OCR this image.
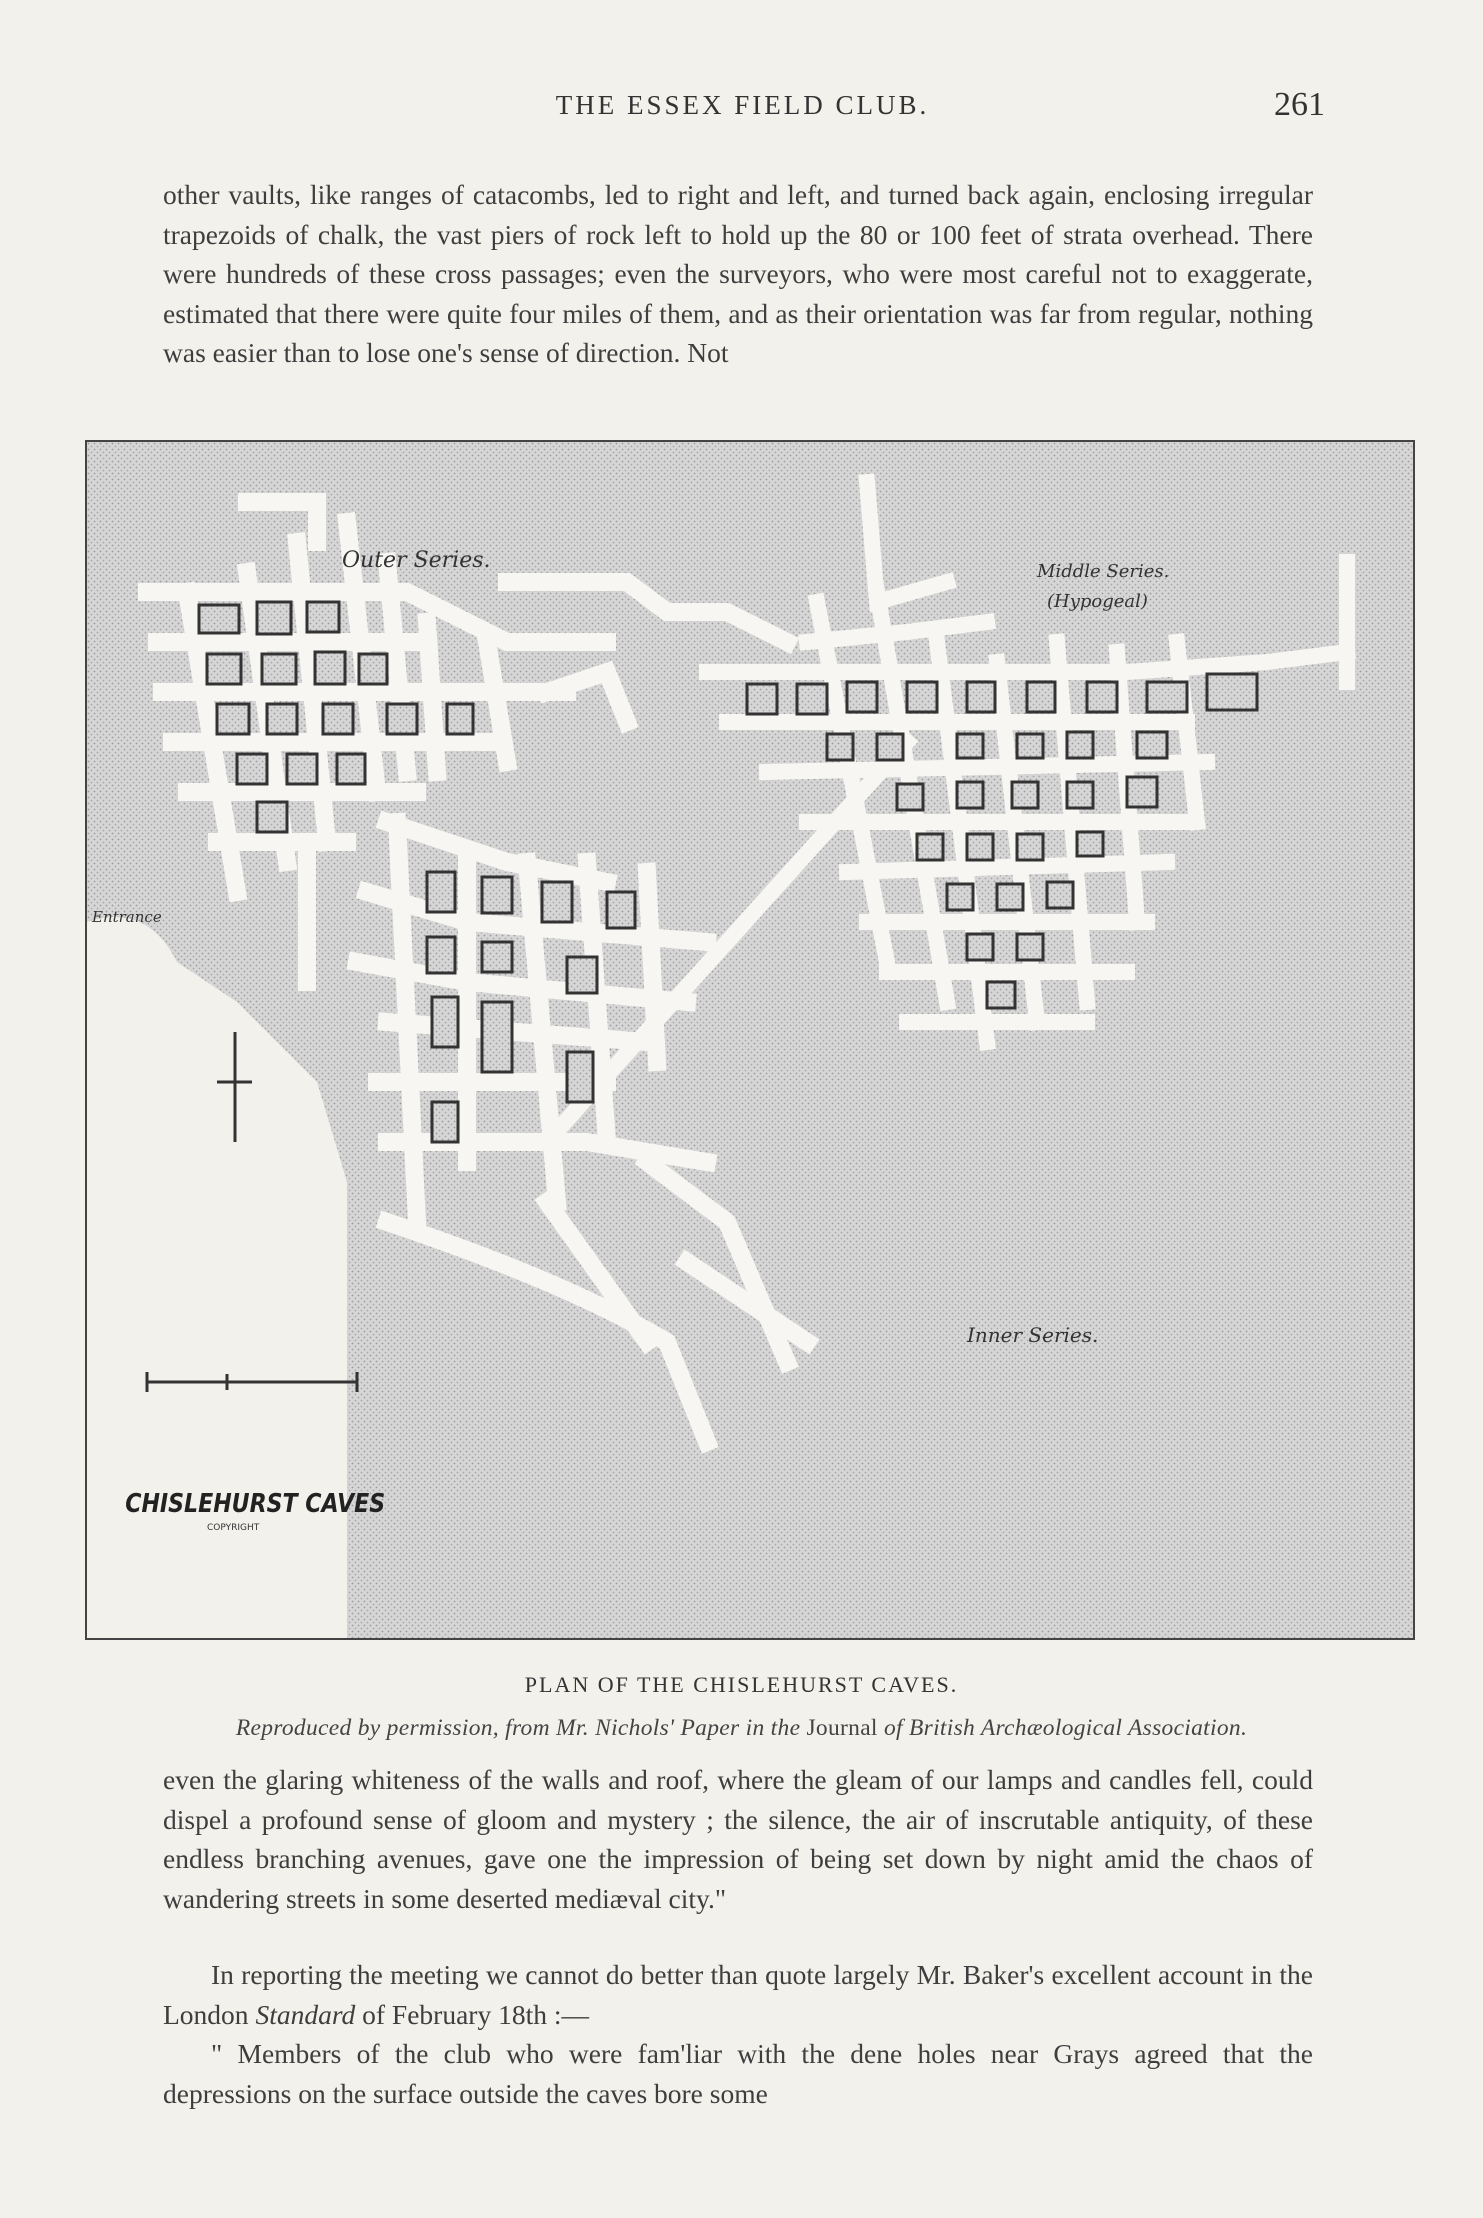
THE ESSEX FIELD CLUB.	261

other vaults, like ranges of catacombs, led to right and left, and turned back again, enclosing irregular trapezoids of chalk, the vast piers of rock left to hold up the 80 or 100 feet of strata overhead. There were hundreds of these cross passages; even the surveyors, who were most careful not to exaggerate, estimated that there were quite four miles of them, and as their orientation was far from regular, nothing was easier than to lose one's sense of direction. Not

Outer Series.	Middle Series.
(Hypogeal)
Inner Series.
Entrance
CHISLEHURST CAVES
COPYRIGHT
PLAN OF THE CHISLEHURST CAVES.
Reproduced by permission, from Mr. Nichols' Paper in the Journal of British Archæological Association.

even the glaring whiteness of the walls and roof, where the gleam of our lamps and candles fell, could dispel a profound sense of gloom and mystery ; the silence, the air of inscrutable antiquity, of these endless branching avenues, gave one the impression of being set down by night amid the chaos of wandering streets in some deserted mediæval city."

In reporting the meeting we cannot do better than quote largely Mr. Baker's excellent account in the London Standard of February 18th :—

" Members of the club who were fam'liar with the dene holes near Grays agreed that the depressions on the surface outside the caves bore some
